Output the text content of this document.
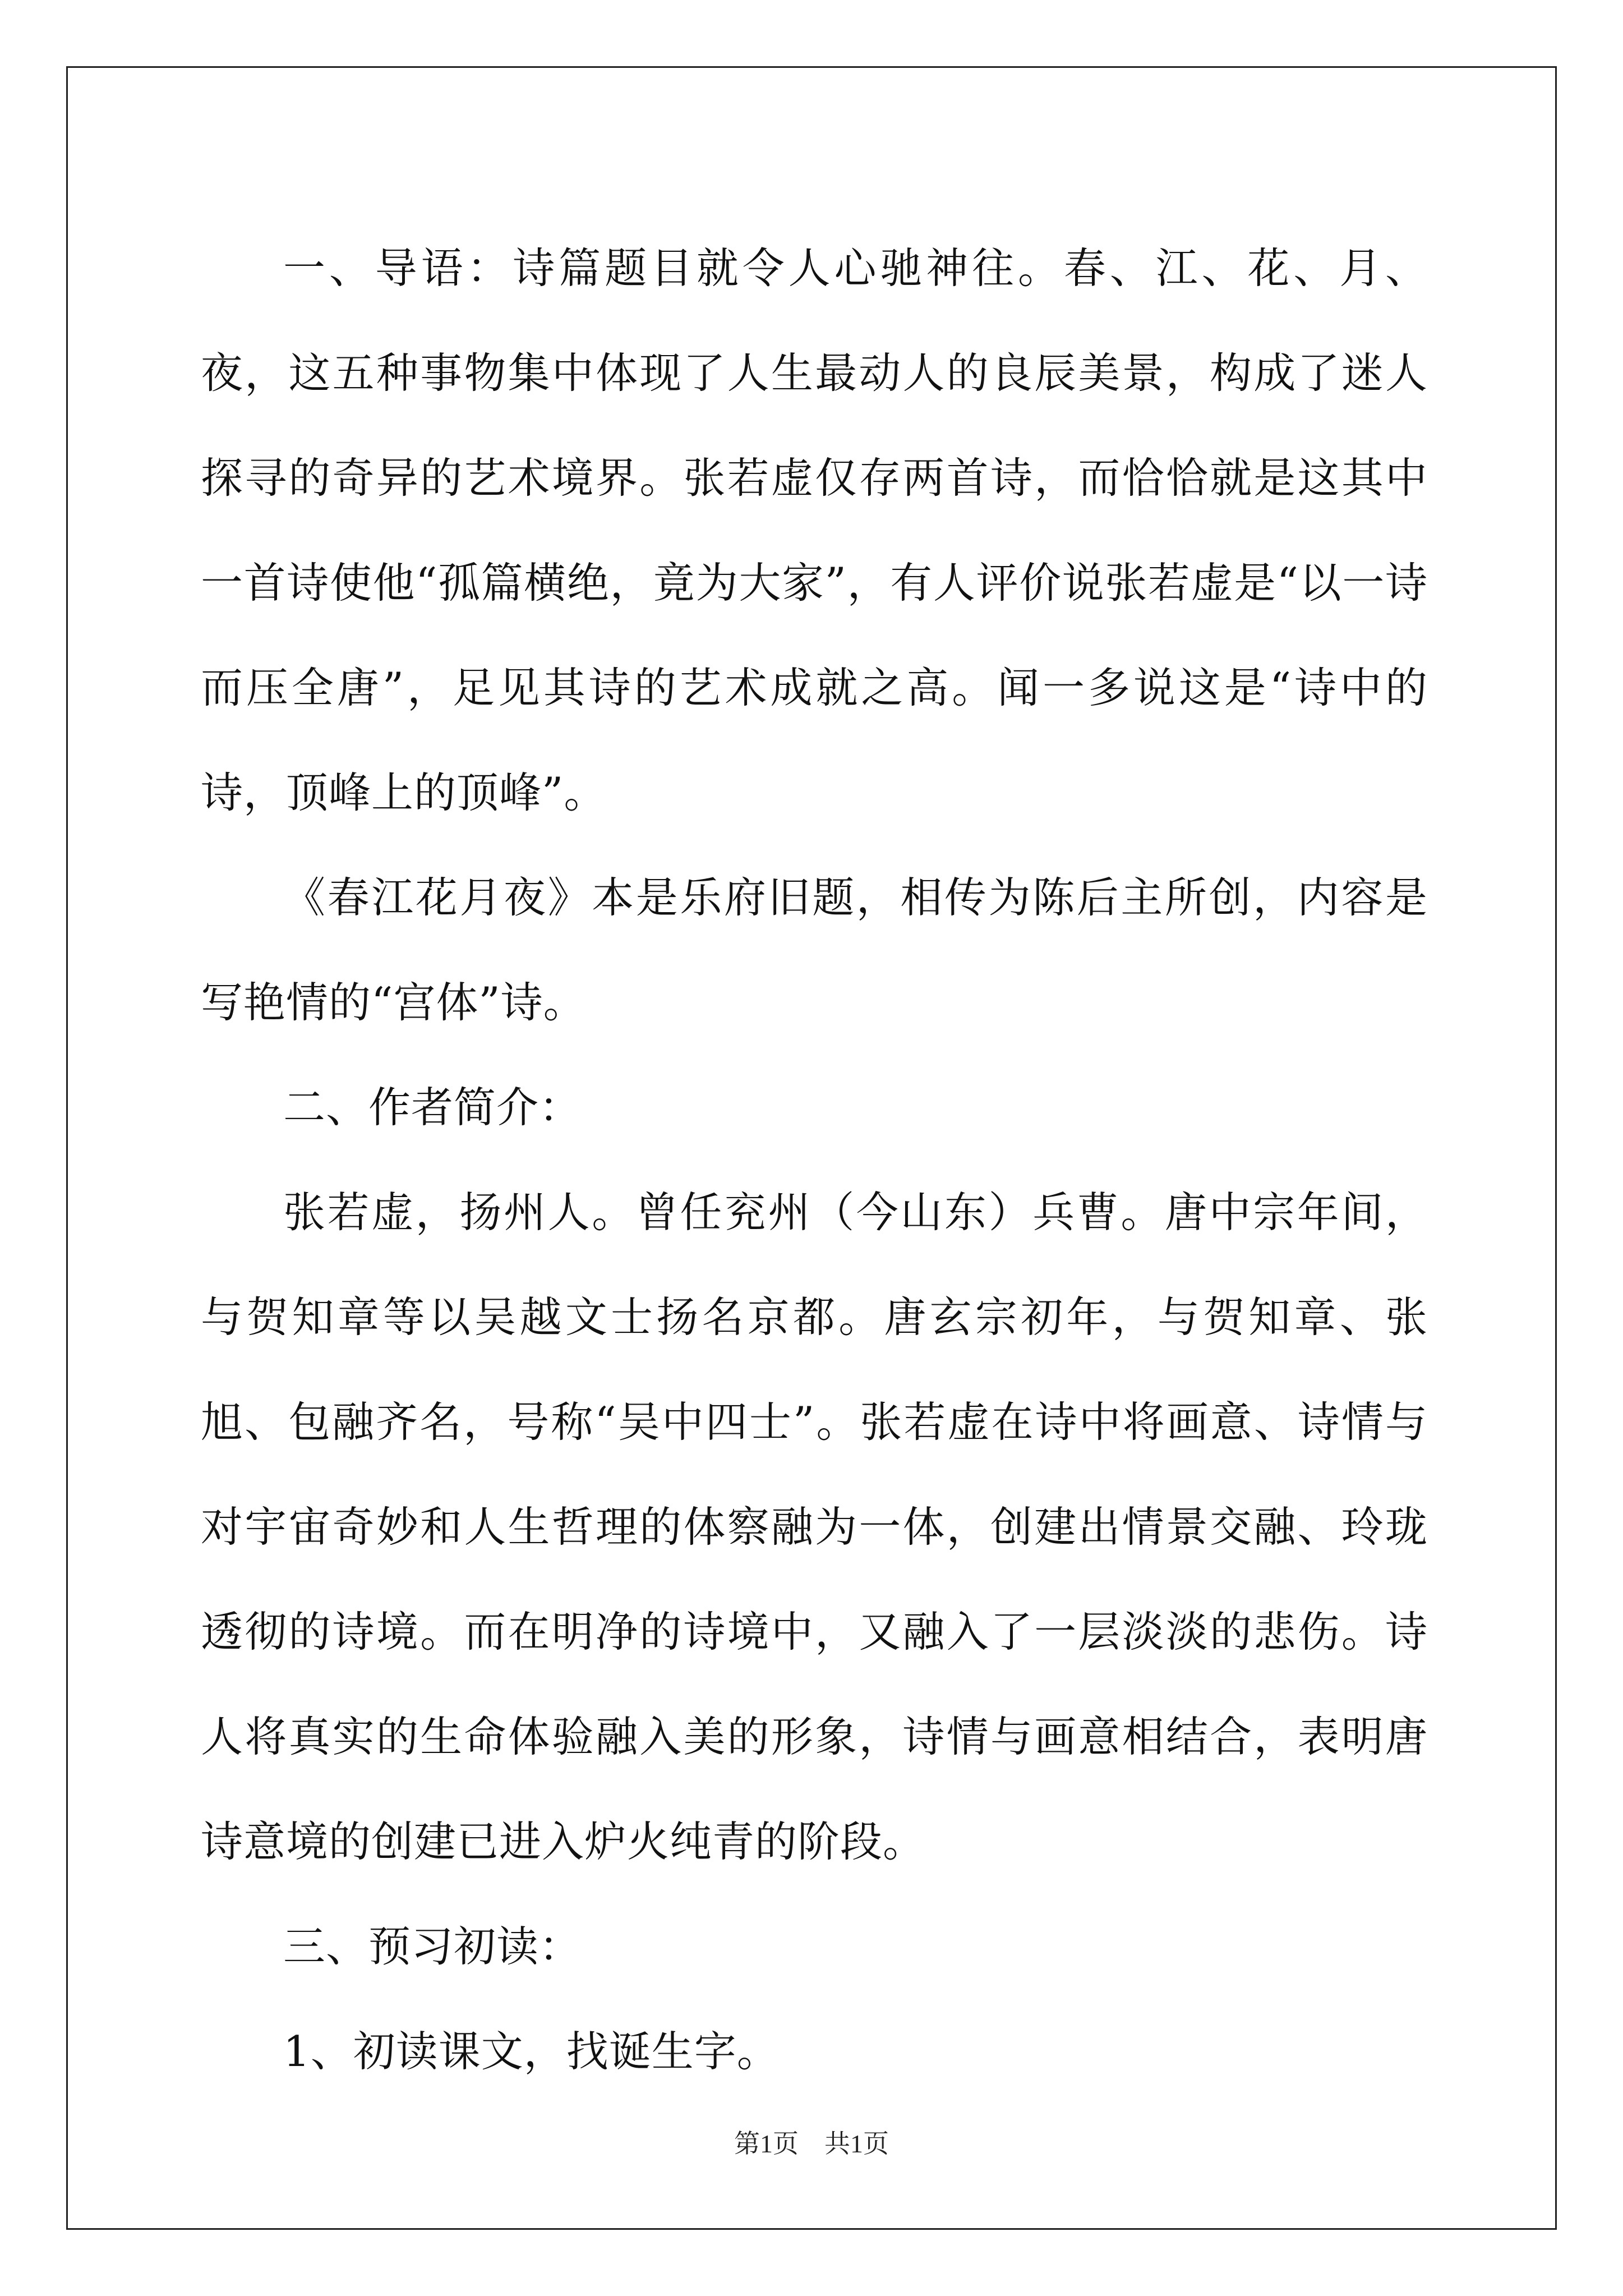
一、导语：诗篇题目就令人心驰神往。春、江、花、月、夜，这五种事物集中体现了人生最动人的良辰美景，构成了迷人探寻的奇异的艺术境界。张若虚仅存两首诗，而恰恰就是这其中一首诗使他“孤篇横绝，竟为大家”，有人评价说张若虚是“以一诗而压全唐”，足见其诗的艺术成就之高。闻一多说这是“诗中的诗，顶峰上的顶峰”。

《春江花月夜》本是乐府旧题，相传为陈后主所创，内容是写艳情的“宫体”诗。

二、作者简介：

张若虚，扬州人。曾任兖州（今山东）兵曹。唐中宗年间，与贺知章等以吴越文士扬名京都。唐玄宗初年，与贺知章、张旭、包融齐名，号称“吴中四士”。张若虚在诗中将画意、诗情与对宇宙奇妙和人生哲理的体察融为一体，创建出情景交融、玲珑透彻的诗境。而在明净的诗境中，又融入了一层淡淡的悲伤。诗人将真实的生命体验融入美的形象，诗情与画意相结合，表明唐诗意境的创建已进入炉火纯青的阶段。

三、预习初读：

1、初读课文，找诞生字。

第1页 共1页
